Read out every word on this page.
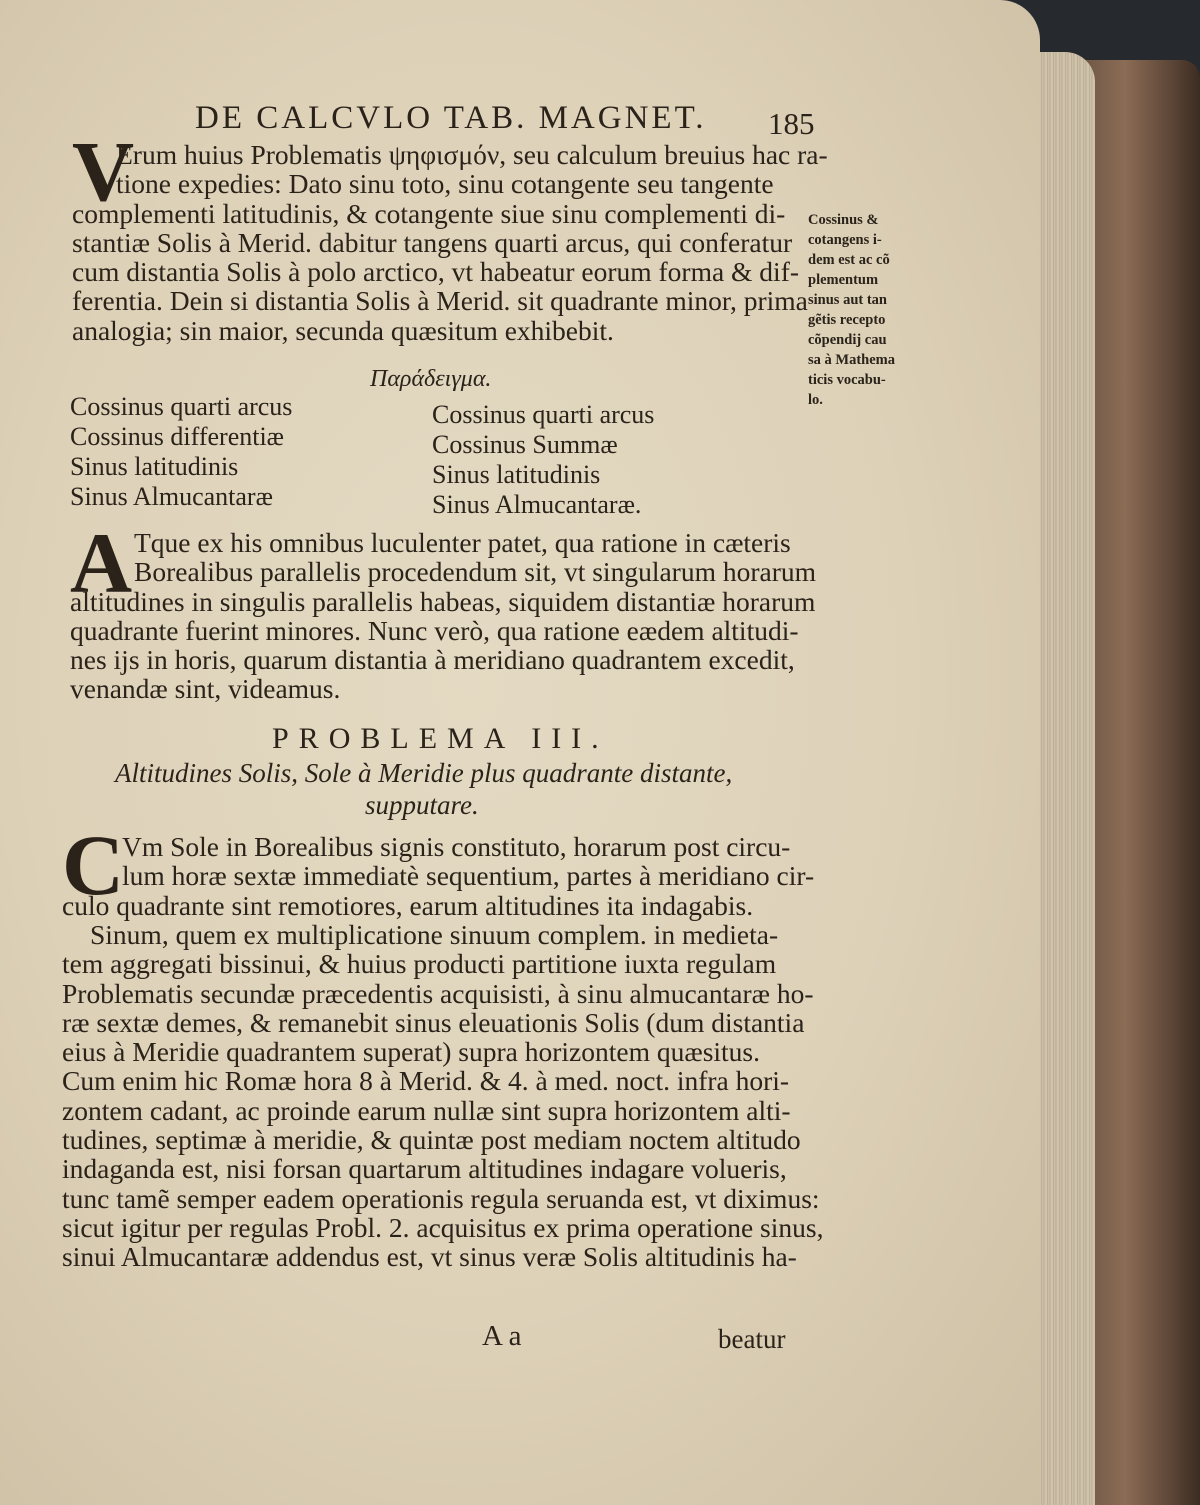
DE CALCVLO TAB. MAGNET. 185
V
Erum huius Problematis ψηφισμόν, seu calculum breuius hac ra-
tione expedies: Dato sinu toto, sinu cotangente seu tangente
complementi latitudinis, & cotangente siue sinu complementi di-
stantiæ Solis à Merid. dabitur tangens quarti arcus, qui conferatur
cum distantia Solis à polo arctico, vt habeatur eorum forma & dif-
ferentia. Dein si distantia Solis à Merid. sit quadrante minor, prima
analogia; sin maior, secunda quæsitum exhibebit.
Cossinus &
cotangens i-
dem est ac cõ
plementum
sinus aut tan
gẽtis recepto
cõpendij cau
sa à Mathema
ticis vocabu-
lo.
Παράδειγμα.
Cossinus quarti arcus
Cossinus differentiæ
Sinus latitudinis
Sinus Almucantaræ
Cossinus quarti arcus
Cossinus Summæ
Sinus latitudinis
Sinus Almucantaræ.
A Tque ex his omnibus luculenter patet, qua ratione in cæteris
Borealibus parallelis procedendum sit, vt singularum horarum
altitudines in singulis parallelis habeas, siquidem distantiæ horarum
quadrante fuerint minores. Nunc verò, qua ratione eædem altitudi-
nes ijs in horis, quarum distantia à meridiano quadrantem excedit,
venandæ sint, videamus.
PROBLEMA III.
Altitudines Solis, Sole à Meridie plus quadrante distante,
supputare.
C
Vm Sole in Borealibus signis constituto, horarum post circu-
lum horæ sextæ immediatè sequentium, partes à meridiano cir-
culo quadrante sint remotiores, earum altitudines ita indagabis.
Sinum, quem ex multiplicatione sinuum complem. in medieta-
tem aggregati bissinui, & huius producti partitione iuxta regulam
Problematis secundæ præcedentis acquisisti, à sinu almucantaræ ho-
ræ sextæ demes, & remanebit sinus eleuationis Solis (dum distantia
eius à Meridie quadrantem superat) supra horizontem quæsitus.
Cum enim hic Romæ hora 8 à Merid. & 4. à med. noct. infra hori-
zontem cadant, ac proinde earum nullæ sint supra horizontem alti-
tudines, septimæ à meridie, & quintæ post mediam noctem altitudo
indaganda est, nisi forsan quartarum altitudines indagare volueris,
tunc tamẽ semper eadem operationis regula seruanda est, vt diximus:
sicut igitur per regulas Probl. 2. acquisitus ex prima operatione sinus,
sinui Almucantaræ addendus est, vt sinus veræ Solis altitudinis ha-
A a	beatur
